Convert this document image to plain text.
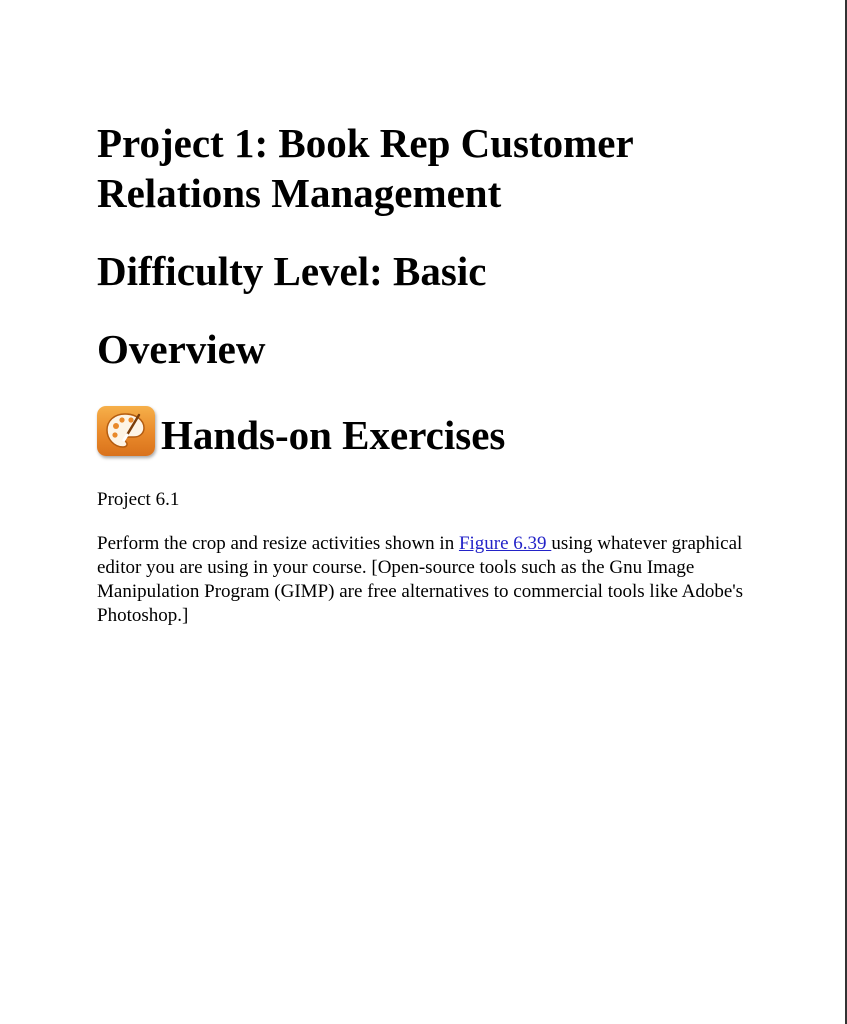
Project 1: Book Rep Customer Relations Management
Difficulty Level: Basic
Overview
Hands-on Exercises

Project 6.1

Perform the crop and resize activities shown in Figure 6.39 using whatever graphical editor you are using in your course. [Open-source tools such as the Gnu Image Manipulation Program (GIMP) are free alternatives to commercial tools like Adobe's Photoshop.]
